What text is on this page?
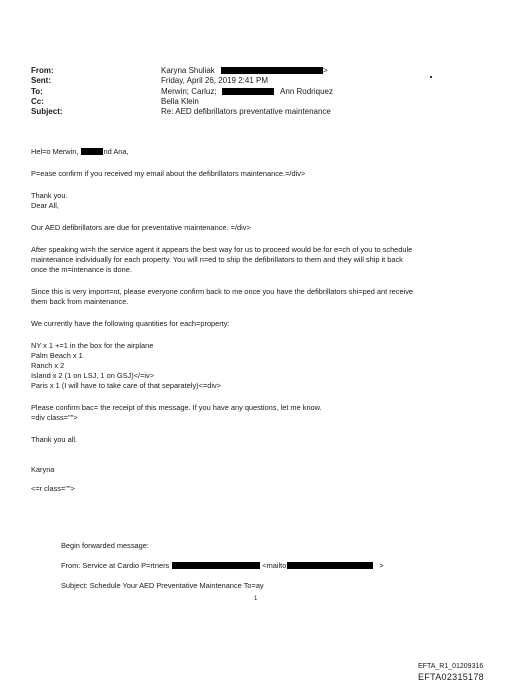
From:	Karyna Shuliak	>
Sent:	Friday, April 26, 2019 2:41 PM
To:	Merwin; Carluz;	Ann Rodriquez
Cc:	Bella Klein
Subject:	Re: AED defibrillators preventative maintenance

Hel=o Merwin,	nd Ana,

P=ease confirm if you received my email about the defibrillators maintenance.=/div>

Thank you.

Dear All,

Our AED defibrillators are due for preventative maintenance. =/div>

After speaking wi=h the service agent it appears the best way for us to proceed would be for e=ch of you to schedule

maintenance individually for each property. You will n=ed to ship the defibrillators to them and they will ship it back

once the m=intenance is done.

Since this is very import=nt, please everyone confirm back to me once you have the defibrillators shi=ped ant receive

them back from maintenance.

We currently have the following quantities for each=property:

NY x 1 +=1 in the box for the airplane

Palm Beach x 1

Ranch x 2

Island x 2 (1 on LSJ, 1 on GSJ)</=iv>

Paris x 1 (I will have to take care of that separately)<=div>

Please confirm bac= the receipt of this message. If you have any questions, let me know.

=div class="">

Thank you all.

Karyna

<=r class="">

Begin forwarded message:

From: Service at Cardio P=rtners	<mailto	>

Subject: Schedule Your AED Preventative Maintenance To=ay

1
EFTA_R1_01209316
EFTA02315178
